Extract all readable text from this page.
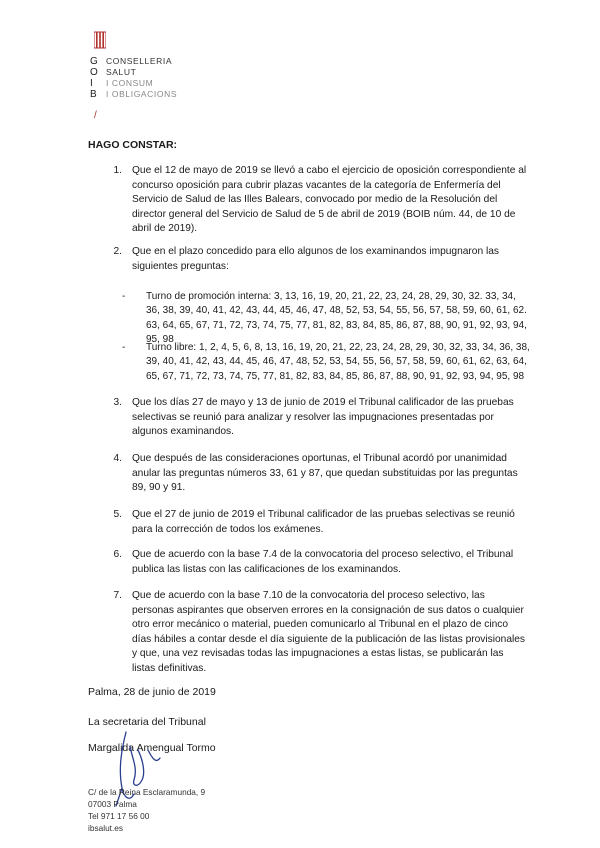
G CONSELLERIA
O SALUT
I	I CONSUM
B	I OBLIGACIONS
/
HAGO CONSTAR:
1. Que el 12 de mayo de 2019 se llevó a cabo el ejercicio de oposición correspondiente al concurso oposición para cubrir plazas vacantes de la categoría de Enfermería del Servicio de Salud de las Illes Balears, convocado por medio de la Resolución del director general del Servicio de Salud de 5 de abril de 2019 (BOIB núm. 44, de 10 de abril de 2019).
2. Que en el plazo concedido para ello algunos de los examinandos impugnaron las siguientes preguntas:
-	Turno de promoción interna: 3, 13, 16, 19, 20, 21, 22, 23, 24, 28, 29, 30, 32. 33, 34, 36, 38, 39, 40, 41, 42, 43, 44, 45, 46, 47, 48, 52, 53, 54, 55, 56, 57, 58, 59, 60, 61, 62. 63, 64, 65, 67, 71, 72, 73, 74, 75, 77, 81, 82, 83, 84, 85, 86, 87, 88, 90, 91, 92, 93, 94, 95, 98
-	Turno libre: 1, 2, 4, 5, 6, 8, 13, 16, 19, 20, 21, 22, 23, 24, 28, 29, 30, 32, 33, 34, 36, 38, 39, 40, 41, 42, 43, 44, 45, 46, 47, 48, 52, 53, 54, 55, 56, 57, 58, 59, 60, 61, 62, 63, 64, 65, 67, 71, 72, 73, 74, 75, 77, 81, 82, 83, 84, 85, 86, 87, 88, 90, 91, 92, 93, 94, 95, 98
3. Que los días 27 de mayo y 13 de junio de 2019 el Tribunal calificador de las pruebas selectivas se reunió para analizar y resolver las impugnaciones presentadas por algunos examinandos.
4. Que después de las consideraciones oportunas, el Tribunal acordó por unanimidad anular las preguntas números 33, 61 y 87, que quedan substituidas por las preguntas 89, 90 y 91.
5. Que el 27 de junio de 2019 el Tribunal calificador de las pruebas selectivas se reunió para la corrección de todos los exámenes.
6. Que de acuerdo con la base 7.4 de la convocatoria del proceso selectivo, el Tribunal publica las listas con las calificaciones de los examinandos.
7. Que de acuerdo con la base 7.10 de la convocatoria del proceso selectivo, las personas aspirantes que observen errores en la consignación de sus datos o cualquier otro error mecánico o material, pueden comunicarlo al Tribunal en el plazo de cinco días hábiles a contar desde el día siguiente de la publicación de las listas provisionales y que, una vez revisadas todas las impugnaciones a estas listas, se publicarán las listas definitivas.
Palma, 28 de junio de 2019
La secretaria del Tribunal
Margalida Amengual Tormo
C/ de la Reina Esclaramunda, 9
07003 Palma
Tel 971 17 56 00
ibsalut.es
